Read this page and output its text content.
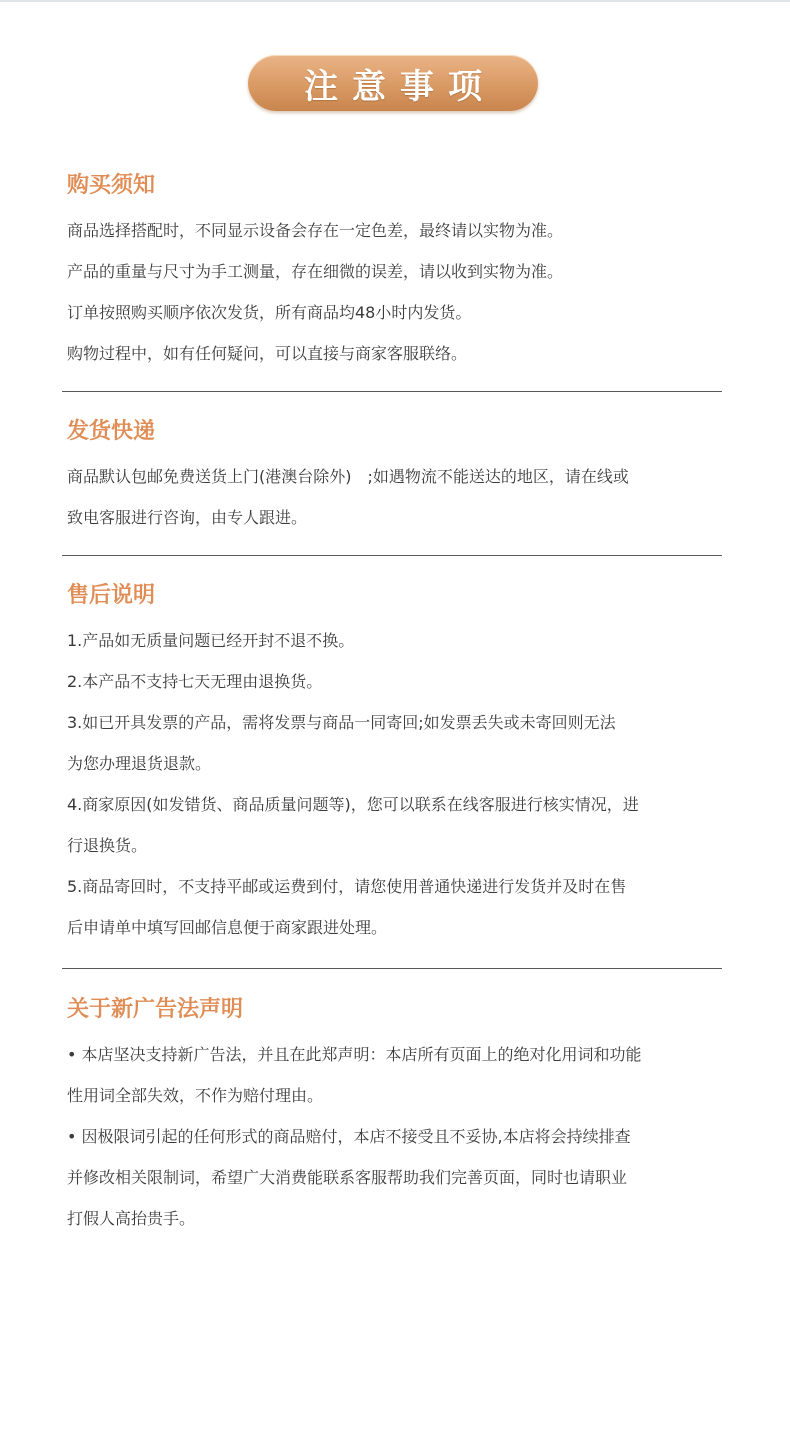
注意事项
购买须知
商品选择搭配时，不同显示设备会存在一定色差，最终请以实物为准。
产品的重量与尺寸为手工测量，存在细微的误差，请以收到实物为准。
订单按照购买顺序依次发货，所有商品均48小时内发货。
购物过程中，如有任何疑问，可以直接与商家客服联络。
发货快递
商品默认包邮免费送货上门(港澳台除外)　;如遇物流不能送达的地区，请在线或
致电客服进行咨询，由专人跟进。
售后说明
1.产品如无质量问题已经开封不退不换。
2.本产品不支持七天无理由退换货。
3.如已开具发票的产品，需将发票与商品一同寄回;如发票丢失或未寄回则无法
为您办理退货退款。
4.商家原因(如发错货、商品质量问题等)，您可以联系在线客服进行核实情况，进
行退换货。
5.商品寄回时，不支持平邮或运费到付，请您使用普通快递进行发货并及时在售
后申请单中填写回邮信息便于商家跟进处理。
关于新广告法声明
• 本店坚决支持新广告法，并且在此郑声明：本店所有页面上的绝对化用词和功能
性用词全部失效，不作为赔付理由。
• 因极限词引起的任何形式的商品赔付，本店不接受且不妥协,本店将会持续排查
并修改相关限制词，希望广大消费能联系客服帮助我们完善页面，同时也请职业
打假人高抬贵手。
